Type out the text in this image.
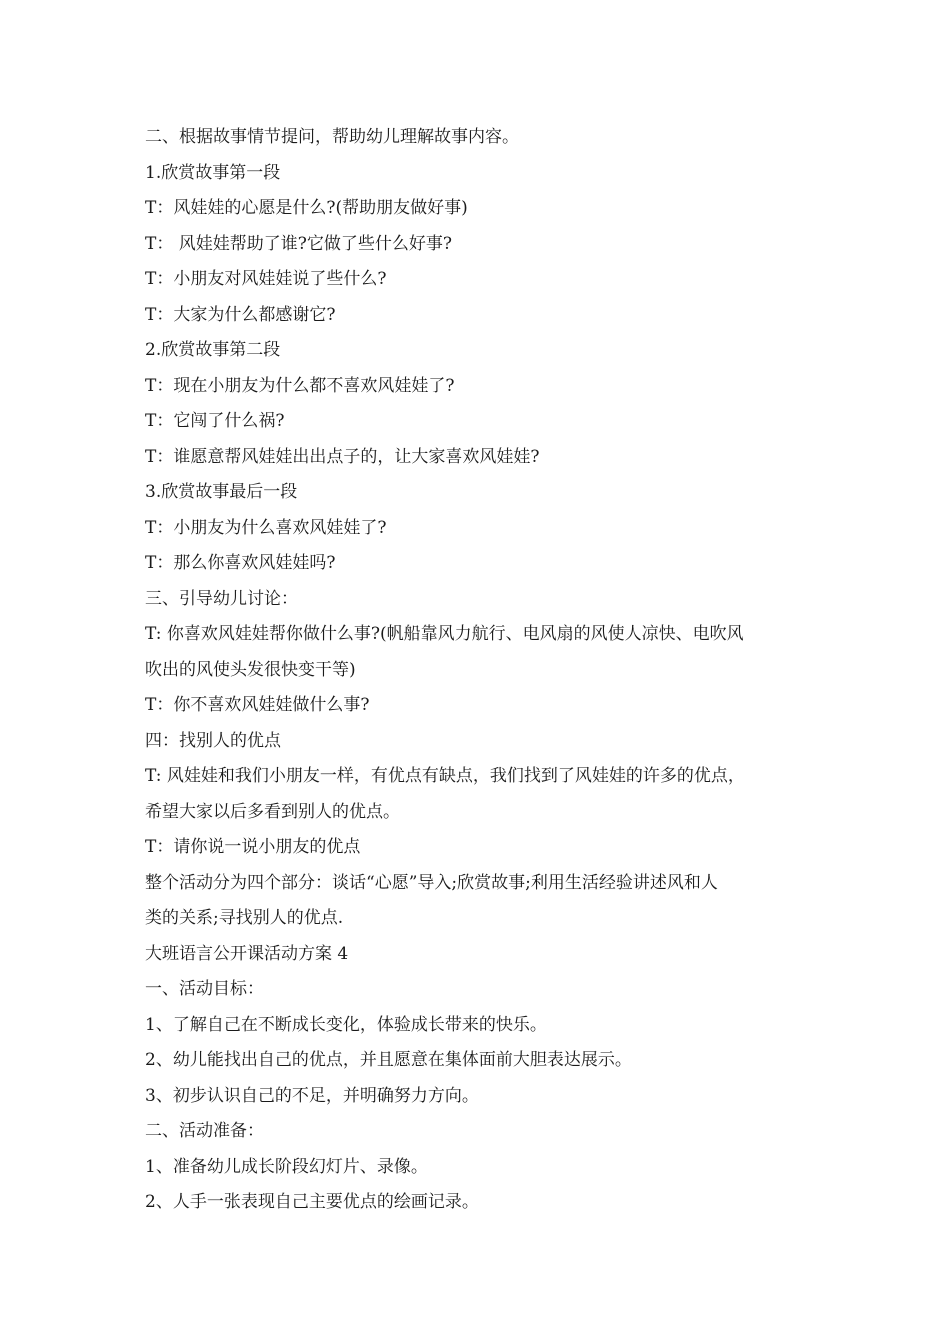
二、根据故事情节提问，帮助幼儿理解故事内容。
1.欣赏故事第一段
T：风娃娃的心愿是什么?(帮助朋友做好事)
T： 风娃娃帮助了谁?它做了些什么好事?
T：小朋友对风娃娃说了些什么?
T：大家为什么都感谢它?
2.欣赏故事第二段
T：现在小朋友为什么都不喜欢风娃娃了?
T：它闯了什么祸?
T：谁愿意帮风娃娃出出点子的，让大家喜欢风娃娃?
3.欣赏故事最后一段
T：小朋友为什么喜欢风娃娃了?
T：那么你喜欢风娃娃吗?
三、引导幼儿讨论：
T: 你喜欢风娃娃帮你做什么事?(帆船靠风力航行、电风扇的风使人凉快、电吹风
吹出的风使头发很快变干等)
T：你不喜欢风娃娃做什么事?
四：找别人的优点
T: 风娃娃和我们小朋友一样，有优点有缺点，我们找到了风娃娃的许多的优点，
希望大家以后多看到别人的优点。
T：请你说一说小朋友的优点
整个活动分为四个部分：谈话“心愿”导入;欣赏故事;利用生活经验讲述风和人
类的关系;寻找别人的优点.
大班语言公开课活动方案 4
一、活动目标：
1、了解自己在不断成长变化，体验成长带来的快乐。
2、幼儿能找出自己的优点，并且愿意在集体面前大胆表达展示。
3、初步认识自己的不足，并明确努力方向。
二、活动准备：
1、准备幼儿成长阶段幻灯片、录像。
2、人手一张表现自己主要优点的绘画记录。
